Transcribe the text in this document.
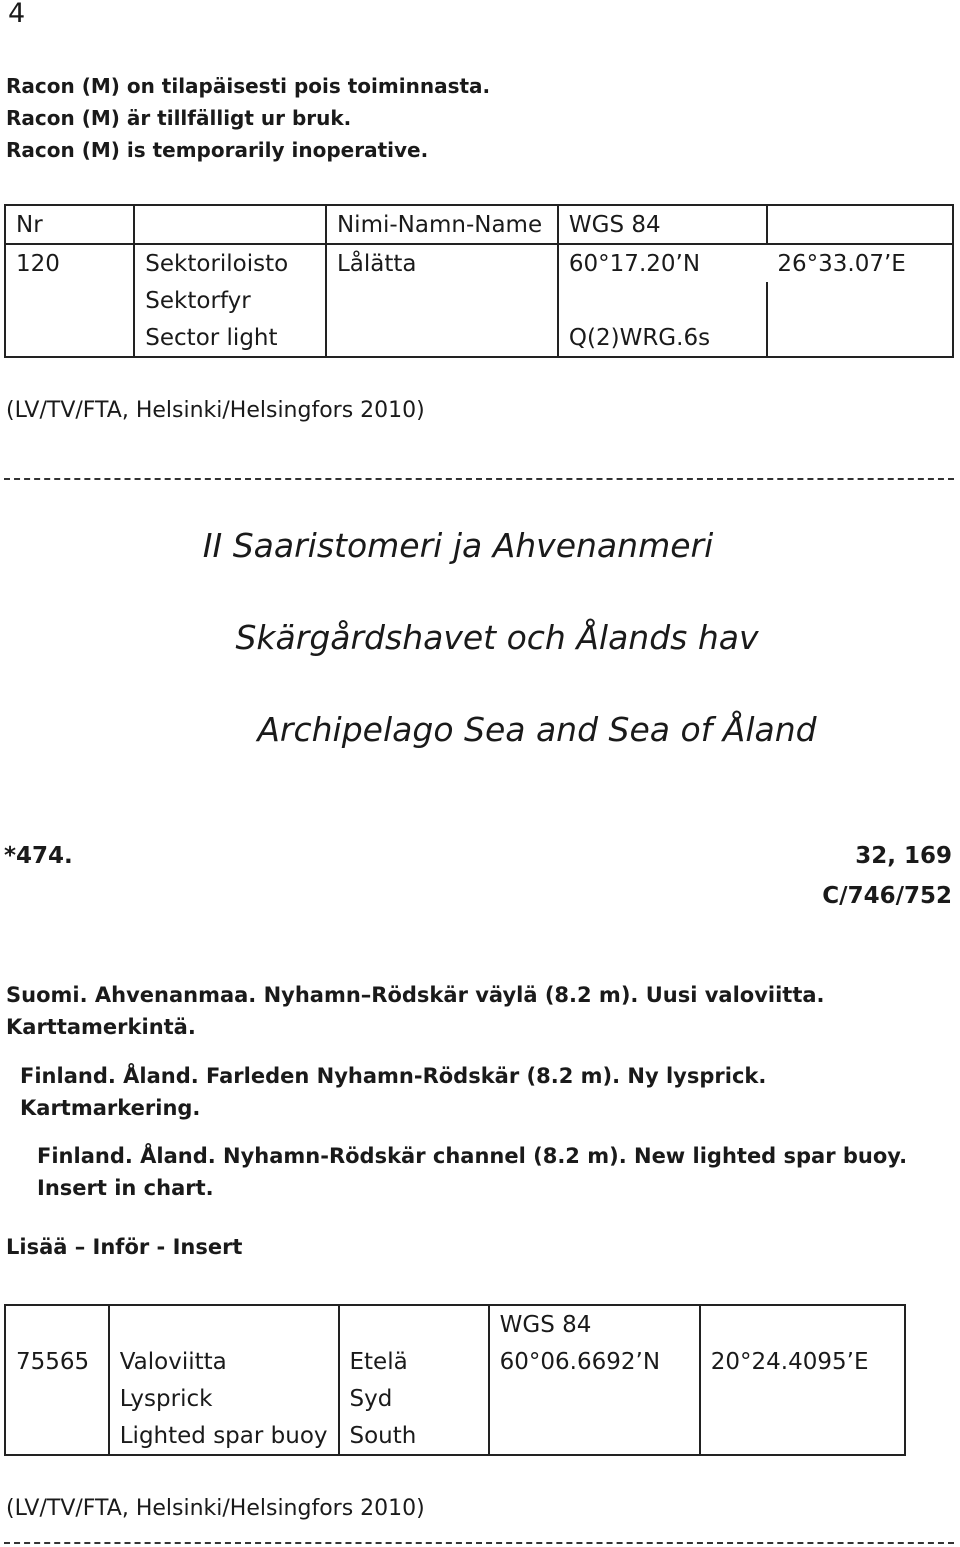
4
Racon (M) on tilapäisesti pois toiminnasta.
Racon (M) är tillfälligt ur bruk.
Racon (M) is temporarily inoperative.
Nr		Nimi-Namn-Name	WGS 84	
120	Sektoriloisto	Lålätta	60°17.20’N	26°33.07’E
	Sektorfyr			
	Sector light		Q(2)WRG.6s	
(LV/TV/FTA, Helsinki/Helsingfors 2010)
II Saaristomeri ja Ahvenanmeri
Skärgårdshavet och Ålands hav
Archipelago Sea and Sea of Åland
*474.	32, 169
C/746/752
Suomi. Ahvenanmaa. Nyhamn–Rödskär väylä (8.2 m). Uusi valoviitta. Karttamerkintä.
Finland. Åland. Farleden Nyhamn-Rödskär (8.2 m). Ny lysprick. Kartmarkering.
Finland. Åland. Nyhamn-Rödskär channel (8.2 m). New lighted spar buoy. Insert in chart.
Lisää – Inför - Insert
			WGS 84	
75565	Valoviitta	Etelä	60°06.6692’N	20°24.4095’E
	Lysprick	Syd		
	Lighted spar buoy	South		
(LV/TV/FTA, Helsinki/Helsingfors 2010)
